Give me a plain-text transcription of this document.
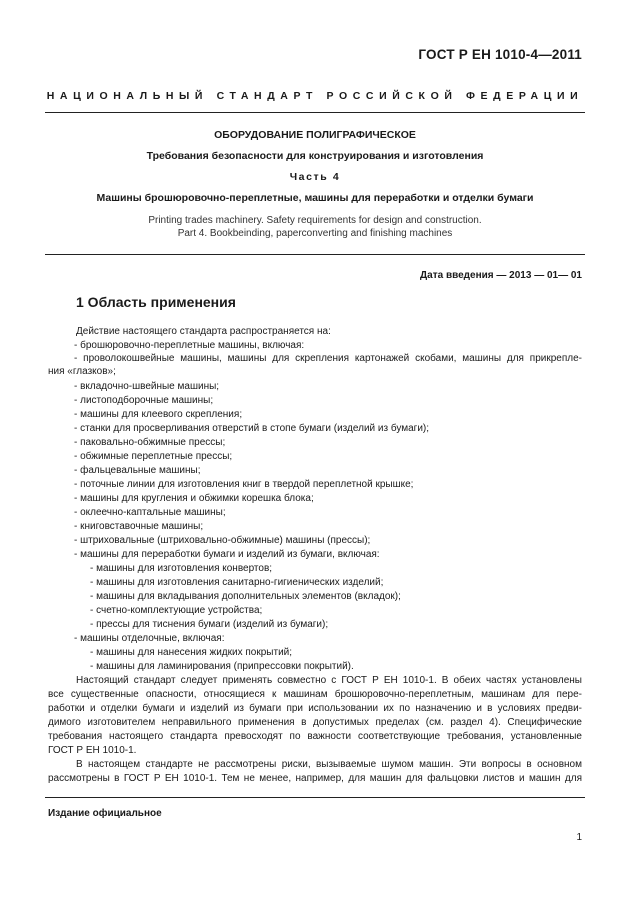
ГОСТ Р ЕН 1010-4—2011
НАЦИОНАЛЬНЫЙ СТАНДАРТ РОССИЙСКОЙ ФЕДЕРАЦИИ
ОБОРУДОВАНИЕ ПОЛИГРАФИЧЕСКОЕ
Требования безопасности для конструирования и изготовления
Часть 4
Машины брошюровочно-переплетные, машины для переработки и отделки бумаги
Printing trades machinery. Safety requirements for design and construction.
Part 4. Bookbeinding, paperconverting and finishing machines
Дата введения — 2013 — 01— 01
1 Область применения
Действие настоящего стандарта распространяется на:
- брошюровочно-переплетные машины, включая:
- проволокошвейные машины, машины для скрепления картонажей скобами, машины для прикрепле-
ния «глазков»;
- вкладочно-швейные машины;
- листоподборочные машины;
- машины для клеевого скрепления;
- станки для просверливания отверстий в стопе бумаги (изделий из бумаги);
- паковально-обжимные прессы;
- обжимные переплетные прессы;
- фальцевальные машины;
- поточные линии для изготовления книг в твердой переплетной крышке;
- машины для кругления и обжимки корешка блока;
- оклеечно-каптальные машины;
- книговставочные машины;
- штриховальные (штриховально-обжимные) машины (прессы);
- машины для переработки бумаги и изделий из бумаги, включая:
- машины для изготовления конвертов;
- машины для изготовления санитарно-гигиенических изделий;
- машины для вкладывания дополнительных элементов (вкладок);
- счетно-комплектующие устройства;
- прессы для тиснения бумаги (изделий из бумаги);
- машины отделочные, включая:
- машины для нанесения жидких покрытий;
- машины для ламинирования (припрессовки покрытий).
Настоящий стандарт следует применять совместно с ГОСТ Р ЕН 1010-1. В обеих частях установлены
все существенные опасности, относящиеся к машинам брошюровочно-переплетным, машинам для пере-
работки и отделки бумаги и изделий из бумаги при использовании их по назначению и в условиях предви-
димого изготовителем неправильного применения в допустимых пределах (см. раздел 4). Специфические
требования настоящего стандарта превосходят по важности соответствующие требования, установленные
ГОСТ Р ЕН 1010-1.
В настоящем стандарте не рассмотрены риски, вызываемые шумом машин. Эти вопросы в основном
рассмотрены в ГОСТ Р ЕН 1010-1. Тем не менее, например, для машин для фальцовки листов и машин для
Издание официальное
1
